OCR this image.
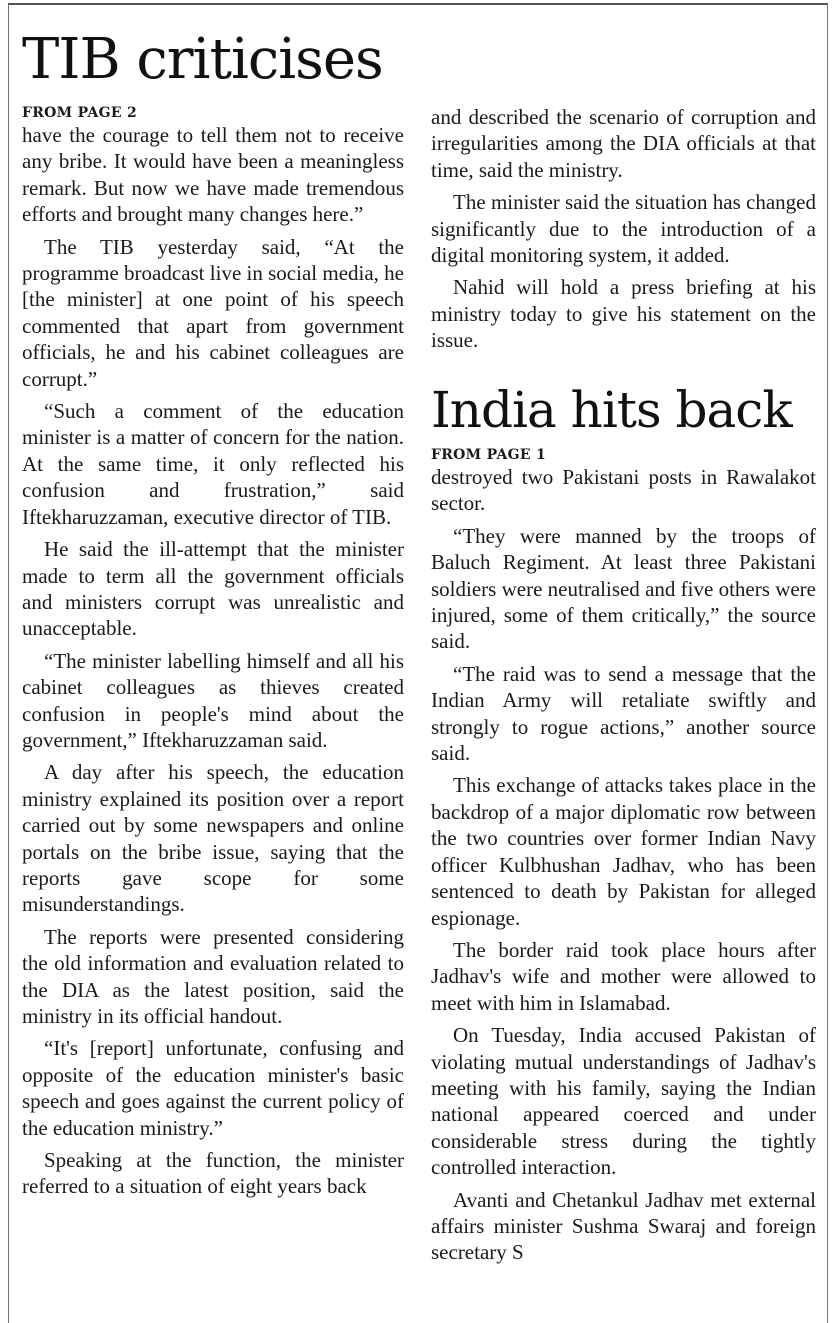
TIB criticises

FROM PAGE 2

have the courage to tell them not to receive any bribe. It would have been a meaningless remark. But now we have made tremendous efforts and brought many changes here.”

The TIB yesterday said, “At the programme broadcast live in social media, he [the minister] at one point of his speech commented that apart from government officials, he and his cabinet colleagues are corrupt.”

“Such a comment of the education minister is a matter of concern for the nation. At the same time, it only reflected his confusion and frustration,” said Iftekharuzzaman, executive director of TIB.

He said the ill-attempt that the minister made to term all the government officials and ministers corrupt was unrealistic and unacceptable.

“The minister labelling himself and all his cabinet colleagues as thieves created confusion in people's mind about the government,” Iftekharuzzaman said.

A day after his speech, the education ministry explained its position over a report carried out by some newspapers and online portals on the bribe issue, saying that the reports gave scope for some misunderstandings.

The reports were presented considering the old information and evaluation related to the DIA as the latest position, said the ministry in its official handout.

“It's [report] unfortunate, confusing and opposite of the education minister's basic speech and goes against the current policy of the education ministry.”

Speaking at the function, the minister referred to a situation of eight years back

and described the scenario of corruption and irregularities among the DIA officials at that time, said the ministry.

The minister said the situation has changed significantly due to the introduction of a digital monitoring system, it added.

Nahid will hold a press briefing at his ministry today to give his statement on the issue.

India hits back

FROM PAGE 1

destroyed two Pakistani posts in Rawalakot sector.

“They were manned by the troops of Baluch Regiment. At least three Pakistani soldiers were neutralised and five others were injured, some of them critically,” the source said.

“The raid was to send a message that the Indian Army will retaliate swiftly and strongly to rogue actions,” another source said.

This exchange of attacks takes place in the backdrop of a major diplomatic row between the two countries over former Indian Navy officer Kulbhushan Jadhav, who has been sentenced to death by Pakistan for alleged espionage.

The border raid took place hours after Jadhav's wife and mother were allowed to meet with him in Islamabad.

On Tuesday, India accused Pakistan of violating mutual understandings of Jadhav's meeting with his family, saying the Indian national appeared coerced and under considerable stress during the tightly controlled interaction.

Avanti and Chetankul Jadhav met external affairs minister Sushma Swaraj and foreign secretary S
